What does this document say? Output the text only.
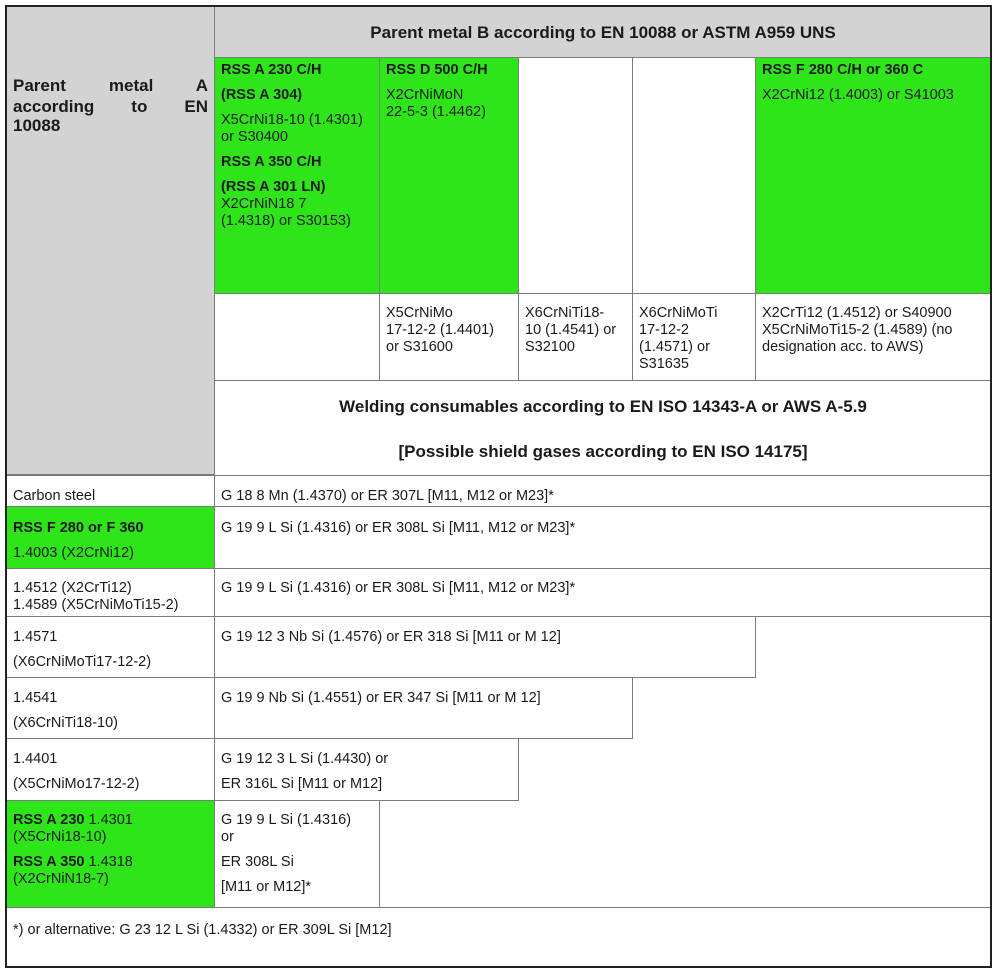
Parent metal A
according to EN
10088
Parent metal B according to EN 10088 or ASTM A959 UNS
RSS A 230 C/H
(RSS A 304)
X5CrNi18-10 (1.4301)
or S30400
RSS A 350 C/H
(RSS A 301 LN)
X2CrNiN18 7
(1.4318) or S30153)
RSS D 500 C/H
X2CrNiMoN
22-5-3 (1.4462)
RSS F 280 C/H or 360 C
X2CrNi12 (1.4003) or S41003
X5CrNiMo
17-12-2 (1.4401)
or S31600
X6CrNiTi18-
10 (1.4541) or
S32100
X6CrNiMoTi
17-12-2
(1.4571) or
S31635
X2CrTi12 (1.4512) or S40900
X5CrNiMoTi15-2 (1.4589) (no
designation acc. to AWS)
Welding consumables according to EN ISO 14343-A or AWS A-5.9
[Possible shield gases according to EN ISO 14175]
Carbon steel	G 18 8 Mn (1.4370) or ER 307L [M11, M12 or M23]*
RSS F 280 or F 360
1.4003 (X2CrNi12)
G 19 9 L Si (1.4316) or ER 308L Si [M11, M12 or M23]*
1.4512 (X2CrTi12)
1.4589 (X5CrNiMoTi15-2)
G 19 9 L Si (1.4316) or ER 308L Si [M11, M12 or M23]*
1.4571
(X6CrNiMoTi17-12-2)
G 19 12 3 Nb Si (1.4576) or ER 318 Si [M11 or M 12]
1.4541
(X6CrNiTi18-10)
G 19 9 Nb Si (1.4551) or ER 347 Si [M11 or M 12]
1.4401
(X5CrNiMo17-12-2)
G 19 12 3 L Si (1.4430) or
ER 316L Si [M11 or M12]
RSS A 230 1.4301
(X5CrNi18-10)
RSS A 350 1.4318
(X2CrNiN18-7)
G 19 9 L Si (1.4316)
or
ER 308L Si
[M11 or M12]*
*) or alternative: G 23 12 L Si (1.4332) or ER 309L Si [M12]
